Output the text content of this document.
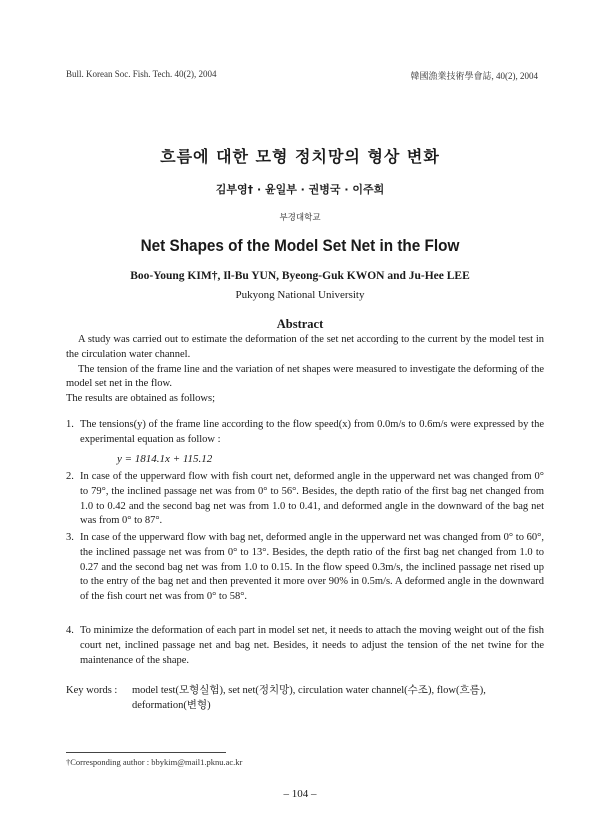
Bull. Korean Soc. Fish. Tech. 40(2), 2004	韓國漁業技術學會誌, 40(2), 2004
흐름에 대한 모형 정치망의 형상 변화
김부영† · 윤일부 · 권병국 · 이주희
부경대학교
Net Shapes of the Model Set Net in the Flow
Boo-Young KIM†, Il-Bu YUN, Byeong-Guk KWON and Ju-Hee LEE
Pukyong National University
Abstract

A study was carried out to estimate the deformation of the set net according to the current by the model test in the circulation water channel.

The tension of the frame line and the variation of net shapes were measured to investigate the deforming of the model set net in the flow.

The results are obtained as follows;

1. The tensions(y) of the frame line according to the flow speed(x) from 0.0m/s to 0.6m/s were expressed by the experimental equation as follow :
2. In case of the upperward flow with fish court net, deformed angle in the upperward net was changed from 0° to 79°, the inclined passage net was from 0° to 56°. Besides, the depth ratio of the first bag net changed from 1.0 to 0.42 and the second bag net was from 1.0 to 0.41, and deformed angle in the downward of the bag net was from 0° to 87°.
3. In case of the upperward flow with bag net, deformed angle in the upperward net was changed from 0° to 60°, the inclined passage net was from 0° to 13°. Besides, the depth ratio of the first bag net changed from 1.0 to 0.27 and the second bag net was from 1.0 to 0.15. In the flow speed 0.3m/s, the inclined passage net rised up to the entry of the bag net and then prevented it more over 90% in 0.5m/s. A deformed angle in the downward of the fish court net was from 0° to 58°.
4. To minimize the deformation of each part in model set net, it needs to attach the moving weight out of the fish court net, inclined passage net and bag net. Besides, it needs to adjust the tension of the net twine for the maintenance of the shape.
y = 1814.1x + 115.12
Key words : model test(모형실험), set net(정치망), circulation water channel(수조), flow(흐름),
deformation(변형)
†Corresponding author : bbykim@mail1.pknu.ac.kr
– 104 –
